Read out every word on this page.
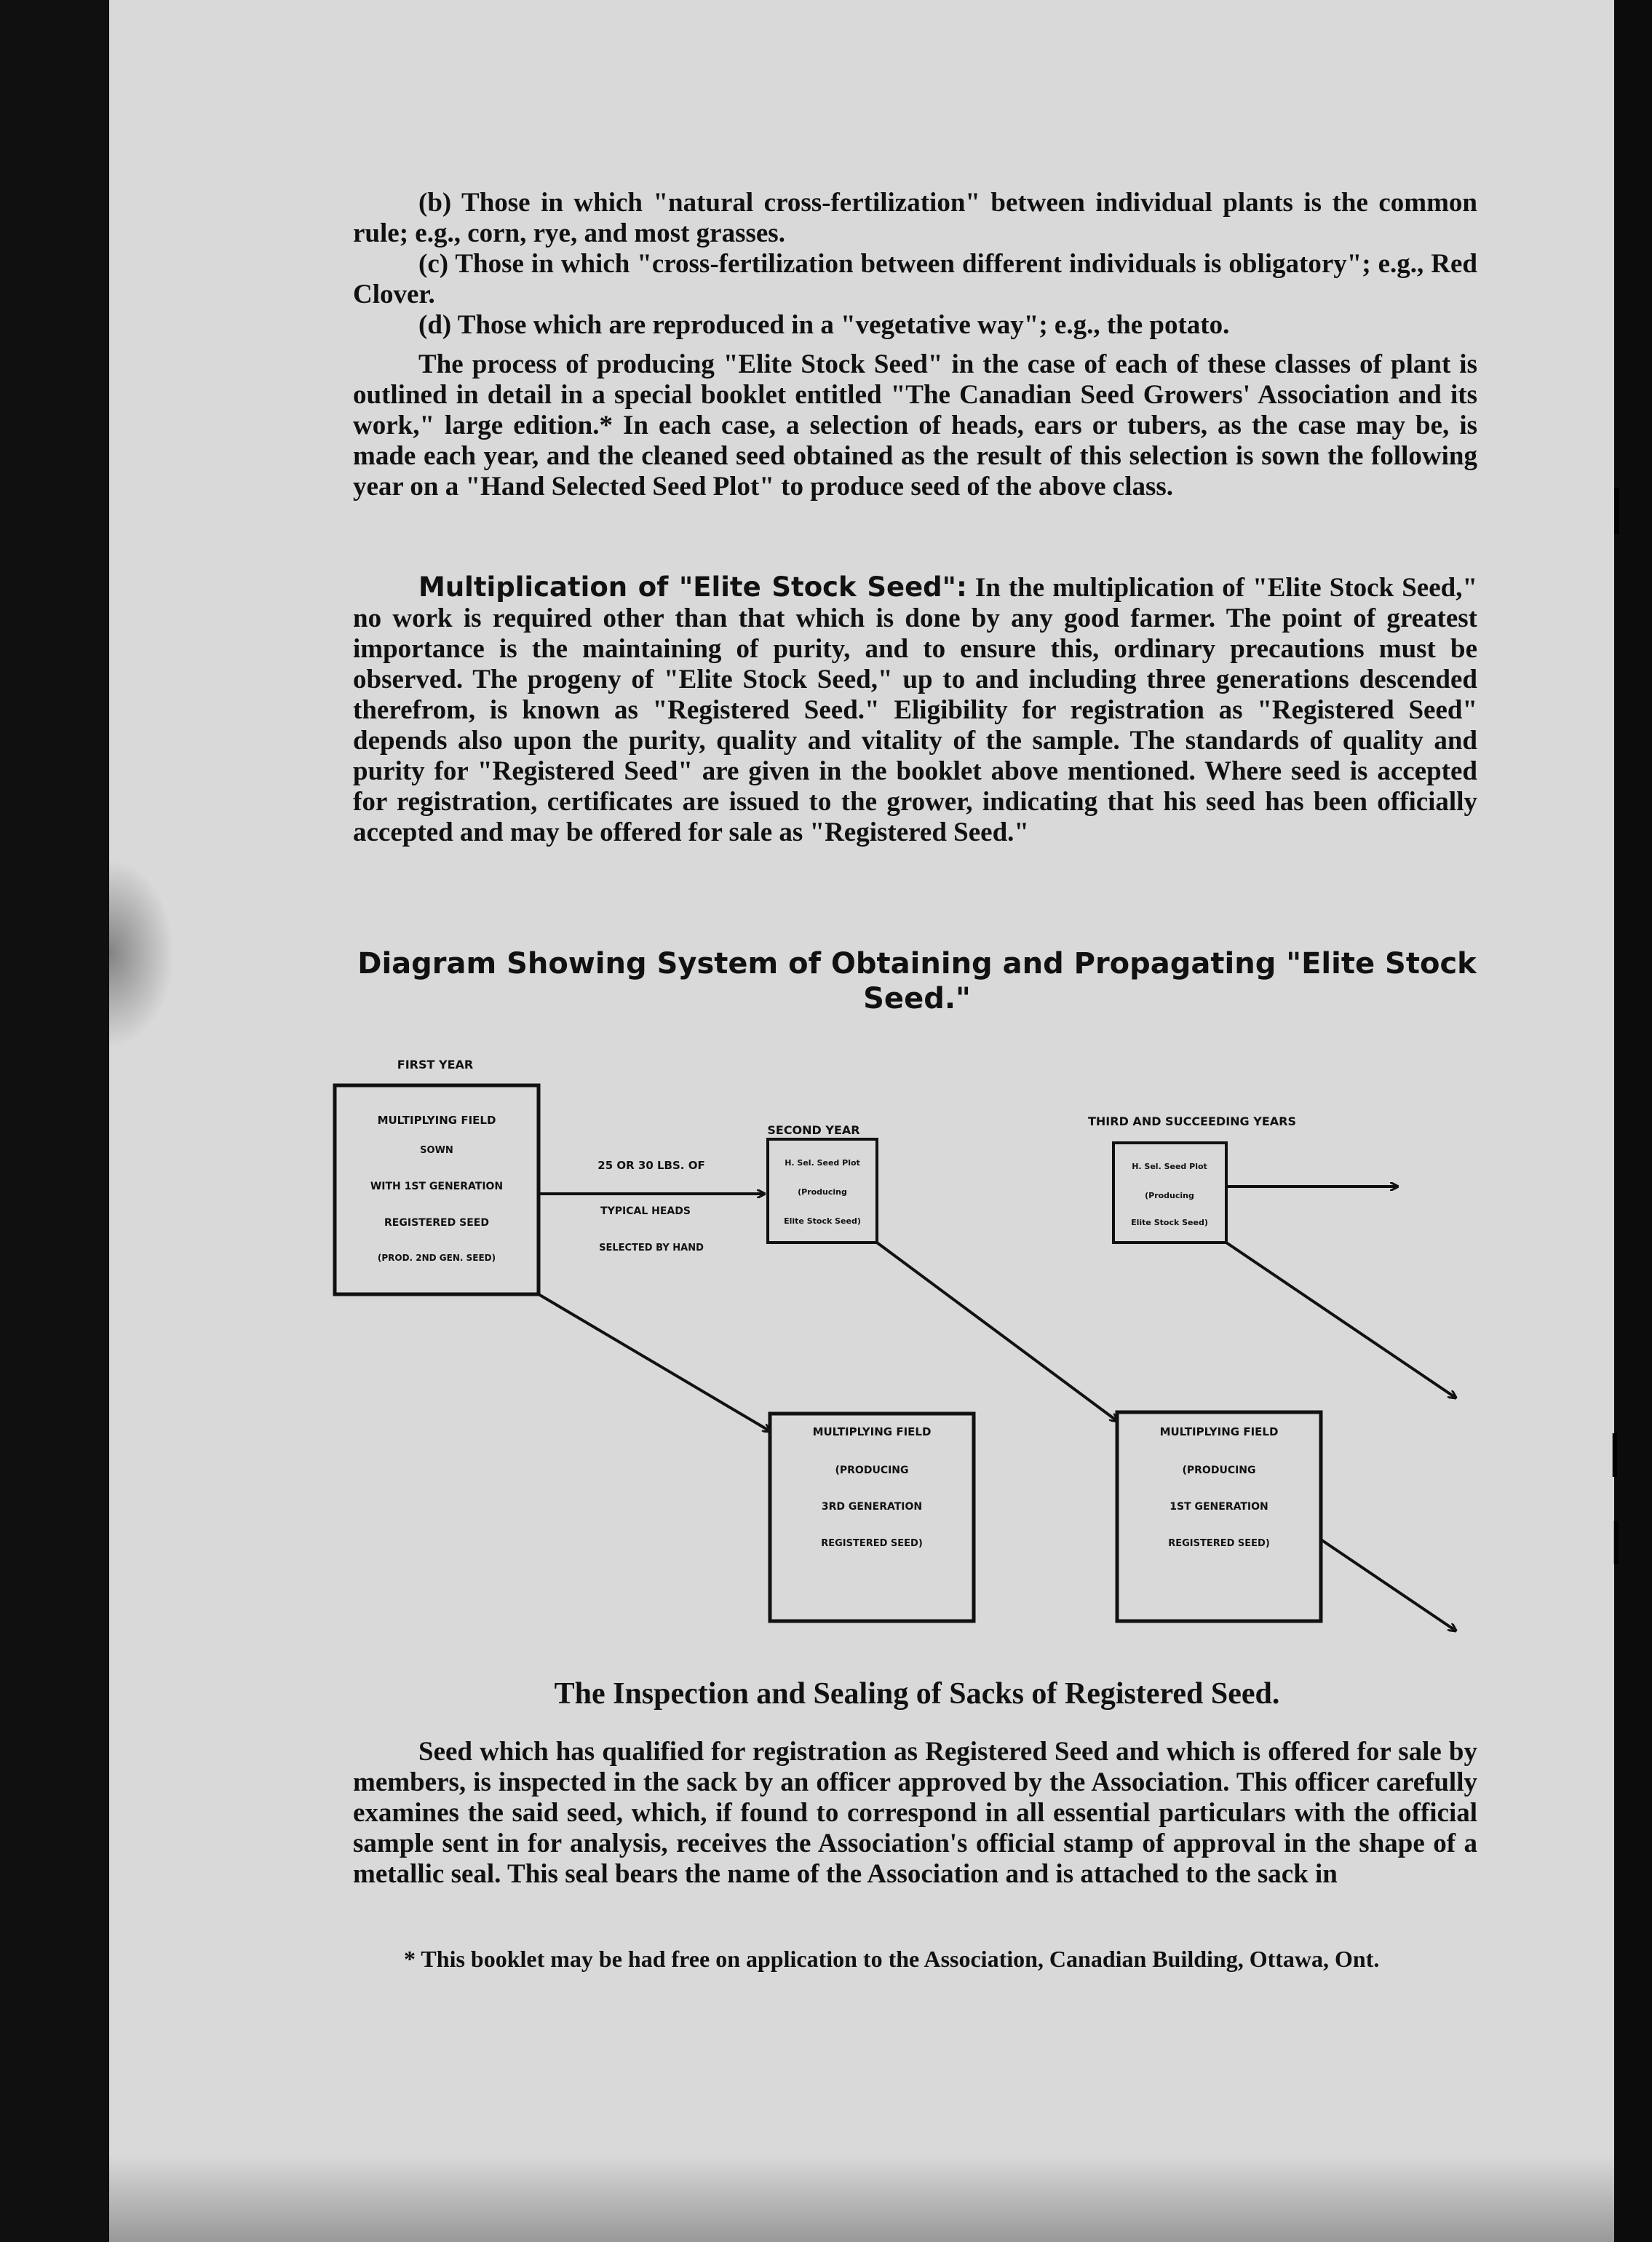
|
|
|

(b) Those in which "natural cross-fertilization" between individual plants is the common rule; e.g., corn, rye, and most grasses.

(c) Those in which "cross-fertilization between different individuals is obligatory"; e.g., Red Clover.

(d) Those which are reproduced in a "vegetative way"; e.g., the potato.

The process of producing "Elite Stock Seed" in the case of each of these classes of plant is outlined in detail in a special booklet entitled "The Canadian Seed Growers' Association and its work," large edition.* In each case, a selection of heads, ears or tubers, as the case may be, is made each year, and the cleaned seed obtained as the result of this selection is sown the following year on a "Hand Selected Seed Plot" to produce seed of the above class.

Multiplication of "Elite Stock Seed": In the multiplication of "Elite Stock Seed," no work is required other than that which is done by any good farmer. The point of greatest importance is the maintaining of purity, and to ensure this, ordinary precautions must be observed. The progeny of "Elite Stock Seed," up to and including three generations descended therefrom, is known as "Registered Seed." Eligibility for registration as "Registered Seed" depends also upon the purity, quality and vitality of the sample. The standards of quality and purity for "Registered Seed" are given in the booklet above mentioned. Where seed is accepted for registration, certificates are issued to the grower, indicating that his seed has been officially accepted and may be offered for sale as "Registered Seed."

Diagram Showing System of Obtaining and Propagating "Elite Stock Seed."
FIRST YEAR
SECOND YEAR
THIRD AND SUCCEEDING YEARS
MULTIPLYING FIELD
SOWN
WITH 1ST GENERATION
REGISTERED SEED
(PROD. 2ND GEN. SEED)
25 OR 30 LBS. OF
TYPICAL HEADS
SELECTED BY HAND
H. Sel. Seed Plot
(Producing
Elite Stock Seed)
H. Sel. Seed Plot
(Producing
Elite Stock Seed)
MULTIPLYING FIELD
(PRODUCING
3RD GENERATION
REGISTERED SEED)
MULTIPLYING FIELD
(PRODUCING
1ST GENERATION
REGISTERED SEED)
The Inspection and Sealing of Sacks of Registered Seed.

Seed which has qualified for registration as Registered Seed and which is offered for sale by members, is inspected in the sack by an officer approved by the Association. This officer carefully examines the said seed, which, if found to correspond in all essential particulars with the official sample sent in for analysis, receives the Association's official stamp of approval in the shape of a metallic seal. This seal bears the name of the Association and is attached to the sack in

* This booklet may be had free on application to the Association, Canadian Building, Ottawa, Ont.
